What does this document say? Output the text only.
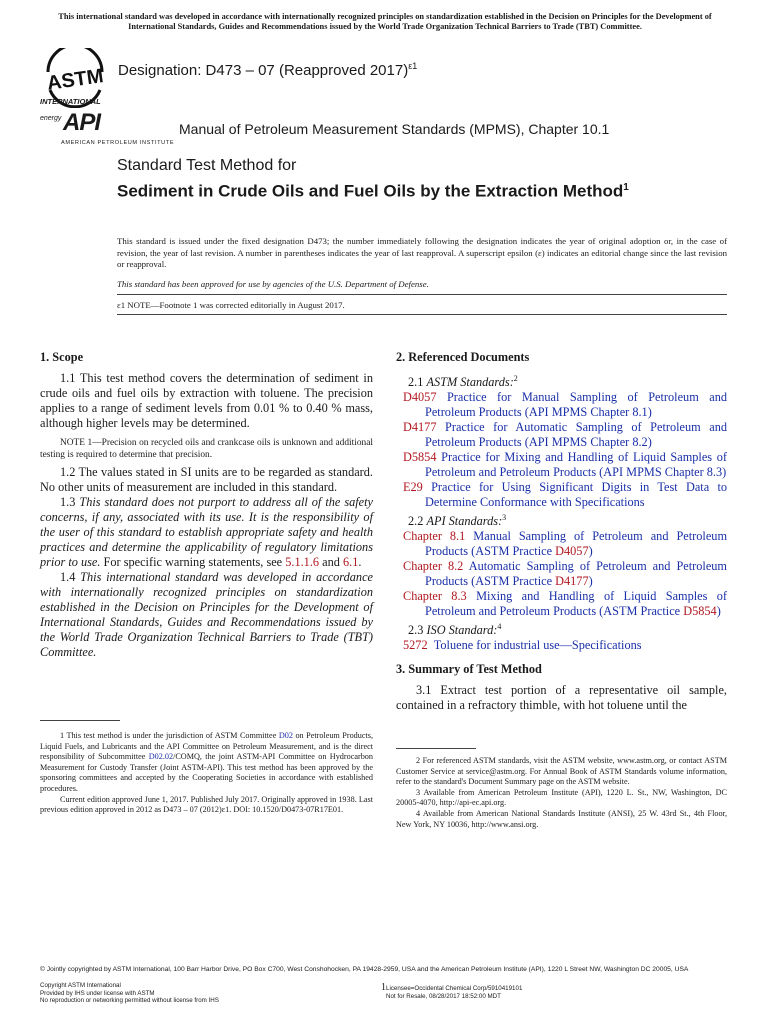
This international standard was developed in accordance with internationally recognized principles on standardization established in the Decision on Principles for the Development of International Standards, Guides and Recommendations issued by the World Trade Organization Technical Barriers to Trade (TBT) Committee.
ASTM
INTERNATIONAL
Designation: D473 – 07 (Reapproved 2017)$^{\varepsilon 1}$
energy API
AMERICAN PETROLEUM INSTITUTE
Manual of Petroleum Measurement Standards (MPMS), Chapter 10.1
Standard Test Method for
Sediment in Crude Oils and Fuel Oils by the Extraction Method$^1$
This standard is issued under the fixed designation D473; the number immediately following the designation indicates the year of original adoption or, in the case of revision, the year of last revision. A number in parentheses indicates the year of last reapproval. A superscript epsilon (ε) indicates an editorial change since the last revision or reapproval.
This standard has been approved for use by agencies of the U.S. Department of Defense.
ε1 NOTE—Footnote 1 was corrected editorially in August 2017.
1. Scope

1.1 This test method covers the determination of sediment in crude oils and fuel oils by extraction with toluene. The precision applies to a range of sediment levels from 0.01 % to 0.40 % mass, although higher levels may be determined.

NOTE 1—Precision on recycled oils and crankcase oils is unknown and additional testing is required to determine that precision.

1.2 The values stated in SI units are to be regarded as standard. No other units of measurement are included in this standard.

1.3 This standard does not purport to address all of the safety concerns, if any, associated with its use. It is the responsibility of the user of this standard to establish appropriate safety and health practices and determine the applicability of regulatory limitations prior to use. For specific warning statements, see 5.1.1.6 and 6.1.

1.4 This international standard was developed in accordance with internationally recognized principles on standardization established in the Decision on Principles for the Development of International Standards, Guides and Recommendations issued by the World Trade Organization Technical Barriers to Trade (TBT) Committee.

1 This test method is under the jurisdiction of ASTM Committee D02 on Petroleum Products, Liquid Fuels, and Lubricants and the API Committee on Petroleum Measurement, and is the direct responsibility of Subcommittee D02.02/COMQ, the joint ASTM-API Committee on Hydrocarbon Measurement for Custody Transfer (Joint ASTM-API). This test method has been approved by the sponsoring committees and accepted by the Cooperating Societies in accordance with established procedures.
Current edition approved June 1, 2017. Published July 2017. Originally approved in 1938. Last previous edition approved in 2012 as D473 – 07 (2012)ε1. DOI: 10.1520/D0473-07R17E01.
2. Referenced Documents
2.1 ASTM Standards:$^2$

D4057 Practice for Manual Sampling of Petroleum and Petroleum Products (API MPMS Chapter 8.1)

D4177 Practice for Automatic Sampling of Petroleum and Petroleum Products (API MPMS Chapter 8.2)

D5854 Practice for Mixing and Handling of Liquid Samples of Petroleum and Petroleum Products (API MPMS Chapter 8.3)

E29 Practice for Using Significant Digits in Test Data to Determine Conformance with Specifications

2.2 API Standards:$^3$

Chapter 8.1 Manual Sampling of Petroleum and Petroleum Products (ASTM Practice D4057)

Chapter 8.2 Automatic Sampling of Petroleum and Petroleum Products (ASTM Practice D4177)

Chapter 8.3 Mixing and Handling of Liquid Samples of Petroleum and Petroleum Products (ASTM Practice D5854)

2.3 ISO Standard:$^4$

5272 Toluene for industrial use—Specifications

3. Summary of Test Method

3.1 Extract test portion of a representative oil sample, contained in a refractory thimble, with hot toluene until the

2 For referenced ASTM standards, visit the ASTM website, www.astm.org, or contact ASTM Customer Service at service@astm.org. For Annual Book of ASTM Standards volume information, refer to the standard's Document Summary page on the ASTM website.
3 Available from American Petroleum Institute (API), 1220 L. St., NW, Washington, DC 20005-4070, http://api-ec.api.org.
4 Available from American National Standards Institute (ANSI), 25 W. 43rd St., 4th Floor, New York, NY 10036, http://www.ansi.org.
© Jointly copyrighted by ASTM International, 100 Barr Harbor Drive, PO Box C700, West Conshohocken, PA 19428-2959, USA and the American Petroleum Institute (API), 1220 L Street NW, Washington DC 20005, USA
Copyright ASTM International
Provided by IHS under license with ASTM
No reproduction or networking permitted without license from IHS
1 Licensee=Occidental Chemical Corp/5910419101
Not for Resale, 08/28/2017 18:52:00 MDT
